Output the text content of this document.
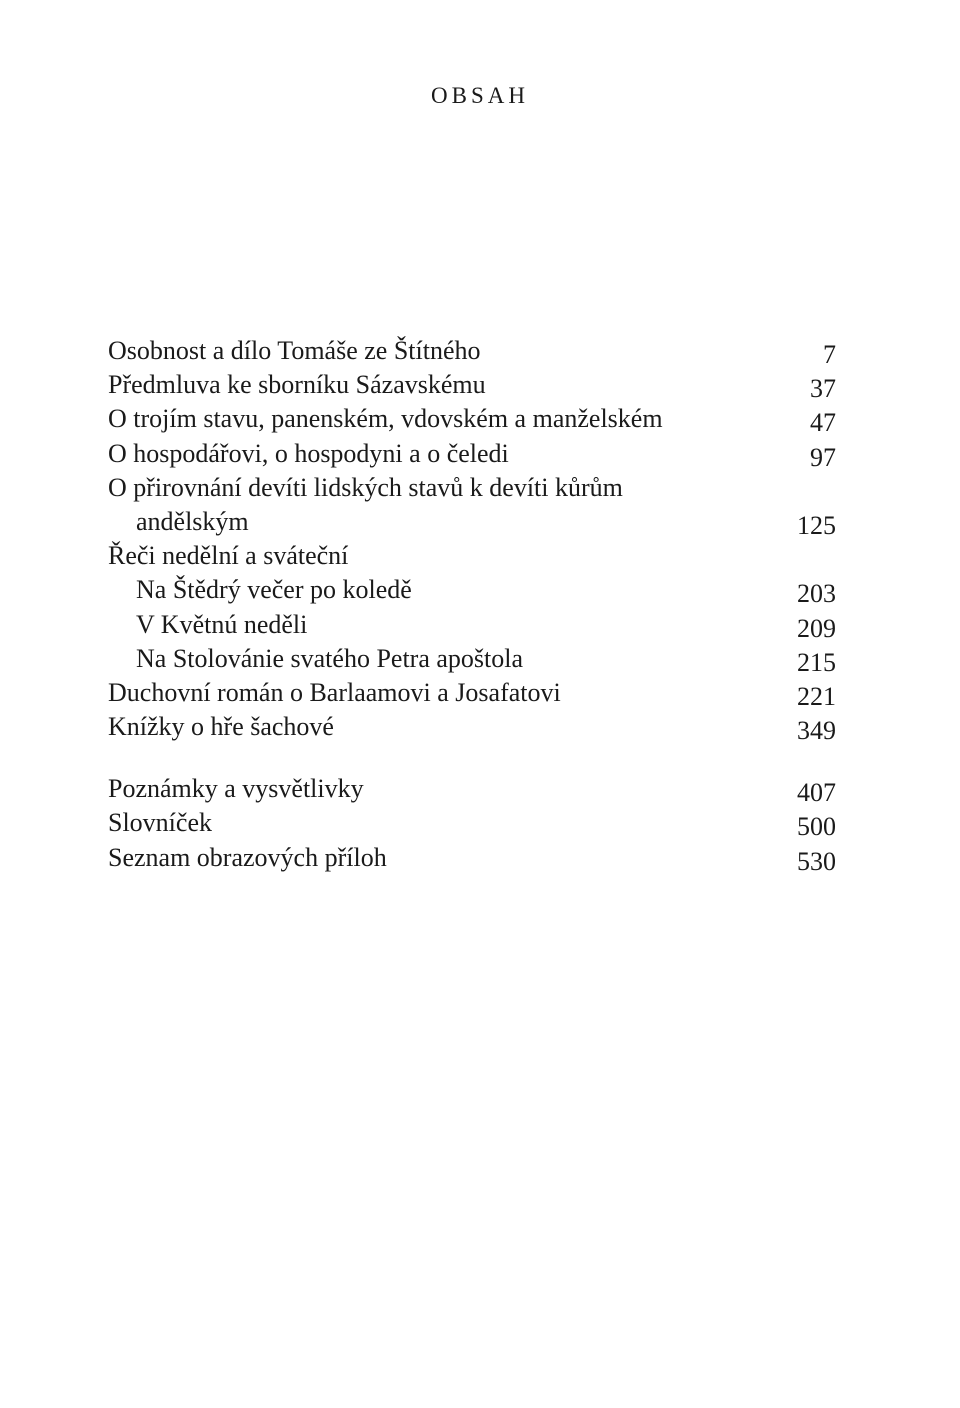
OBSAH
Osobnost a dílo Tomáše ze Štítného	7
Předmluva ke sborníku Sázavskému	37
O trojím stavu, panenském, vdovském a manželském	47
O hospodářovi, o hospodyni a o čeledi	97
O přirovnání devíti lidských stavů k devíti kůrům
andělským	125
Řeči nedělní a sváteční
Na Štědrý večer po koledě	203
V Květnú neděli	209
Na Stolovánie svatého Petra apoštola	215
Duchovní román o Barlaamovi a Josafatovi	221
Knížky o hře šachové	349
Poznámky a vysvětlivky	407
Slovníček	500
Seznam obrazových příloh	530
